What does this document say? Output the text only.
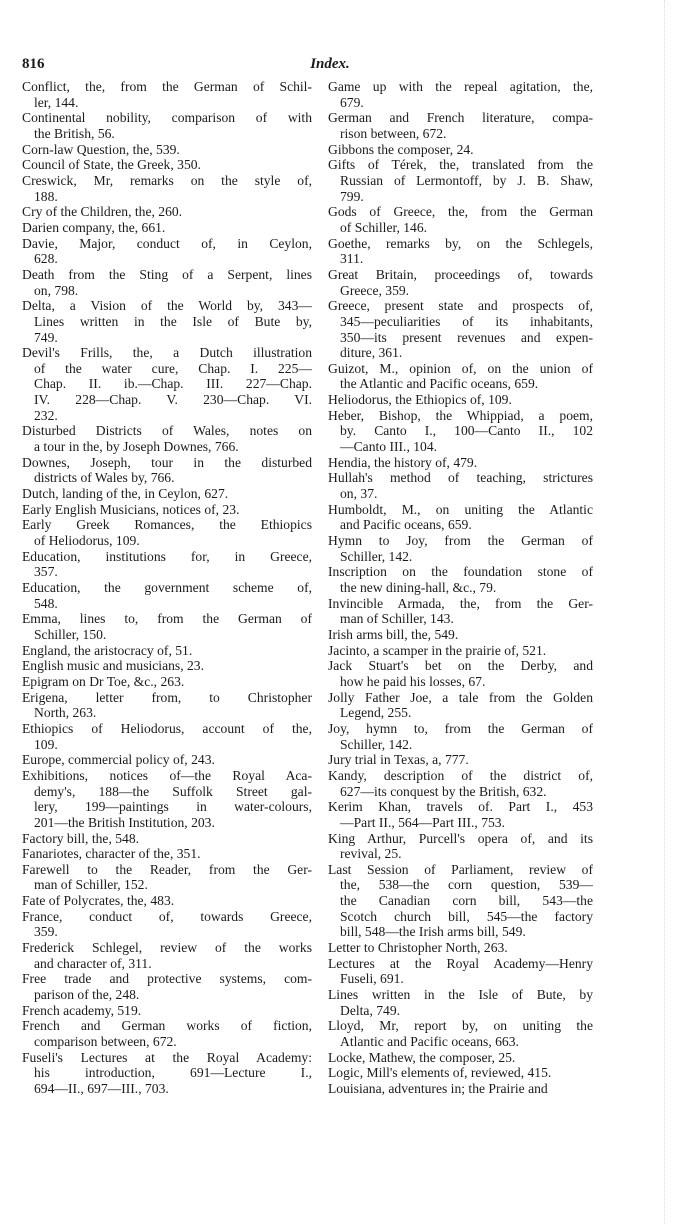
816	Index.
Conflict, the, from the German of Schil-
ler, 144.
Continental nobility, comparison of with
the British, 56.
Corn-law Question, the, 539.
Council of State, the Greek, 350.
Creswick, Mr, remarks on the style of,
188.
Cry of the Children, the, 260.
Darien company, the, 661.
Davie, Major, conduct of, in Ceylon,
628.
Death from the Sting of a Serpent, lines
on, 798.
Delta, a Vision of the World by, 343—
Lines written in the Isle of Bute by,
749.
Devil's Frills, the, a Dutch illustration
of the water cure, Chap. I. 225—
Chap. II. ib.—Chap. III. 227—Chap.
IV. 228—Chap. V. 230—Chap. VI.
232.
Disturbed Districts of Wales, notes on
a tour in the, by Joseph Downes, 766.
Downes, Joseph, tour in the disturbed
districts of Wales by, 766.
Dutch, landing of the, in Ceylon, 627.
Early English Musicians, notices of, 23.
Early Greek Romances, the Ethiopics
of Heliodorus, 109.
Education, institutions for, in Greece,
357.
Education, the government scheme of,
548.
Emma, lines to, from the German of
Schiller, 150.
England, the aristocracy of, 51.
English music and musicians, 23.
Epigram on Dr Toe, &c., 263.
Erigena, letter from, to Christopher
North, 263.
Ethiopics of Heliodorus, account of the,
109.
Europe, commercial policy of, 243.
Exhibitions, notices of—the Royal Aca-
demy's, 188—the Suffolk Street gal-
lery, 199—paintings in water-colours,
201—the British Institution, 203.
Factory bill, the, 548.
Fanariotes, character of the, 351.
Farewell to the Reader, from the Ger-
man of Schiller, 152.
Fate of Polycrates, the, 483.
France, conduct of, towards Greece,
359.
Frederick Schlegel, review of the works
and character of, 311.
Free trade and protective systems, com-
parison of the, 248.
French academy, 519.
French and German works of fiction,
comparison between, 672.
Fuseli's Lectures at the Royal Academy:
his introduction, 691—Lecture I.,
694—II., 697—III., 703.
Game up with the repeal agitation, the,
679.
German and French literature, compa-
rison between, 672.
Gibbons the composer, 24.
Gifts of Térek, the, translated from the
Russian of Lermontoff, by J. B. Shaw,
799.
Gods of Greece, the, from the German
of Schiller, 146.
Goethe, remarks by, on the Schlegels,
311.
Great Britain, proceedings of, towards
Greece, 359.
Greece, present state and prospects of,
345—peculiarities of its inhabitants,
350—its present revenues and expen-
diture, 361.
Guizot, M., opinion of, on the union of
the Atlantic and Pacific oceans, 659.
Heliodorus, the Ethiopics of, 109.
Heber, Bishop, the Whippiad, a poem,
by. Canto I., 100—Canto II., 102
—Canto III., 104.
Hendia, the history of, 479.
Hullah's method of teaching, strictures
on, 37.
Humboldt, M., on uniting the Atlantic
and Pacific oceans, 659.
Hymn to Joy, from the German of
Schiller, 142.
Inscription on the foundation stone of
the new dining-hall, &c., 79.
Invincible Armada, the, from the Ger-
man of Schiller, 143.
Irish arms bill, the, 549.
Jacinto, a scamper in the prairie of, 521.
Jack Stuart's bet on the Derby, and
how he paid his losses, 67.
Jolly Father Joe, a tale from the Golden
Legend, 255.
Joy, hymn to, from the German of
Schiller, 142.
Jury trial in Texas, a, 777.
Kandy, description of the district of,
627—its conquest by the British, 632.
Kerim Khan, travels of. Part I., 453
—Part II., 564—Part III., 753.
King Arthur, Purcell's opera of, and its
revival, 25.
Last Session of Parliament, review of
the, 538—the corn question, 539—
the Canadian corn bill, 543—the
Scotch church bill, 545—the factory
bill, 548—the Irish arms bill, 549.
Letter to Christopher North, 263.
Lectures at the Royal Academy—Henry
Fuseli, 691.
Lines written in the Isle of Bute, by
Delta, 749.
Lloyd, Mr, report by, on uniting the
Atlantic and Pacific oceans, 663.
Locke, Mathew, the composer, 25.
Logic, Mill's elements of, reviewed, 415.
Louisiana, adventures in; the Prairie and
